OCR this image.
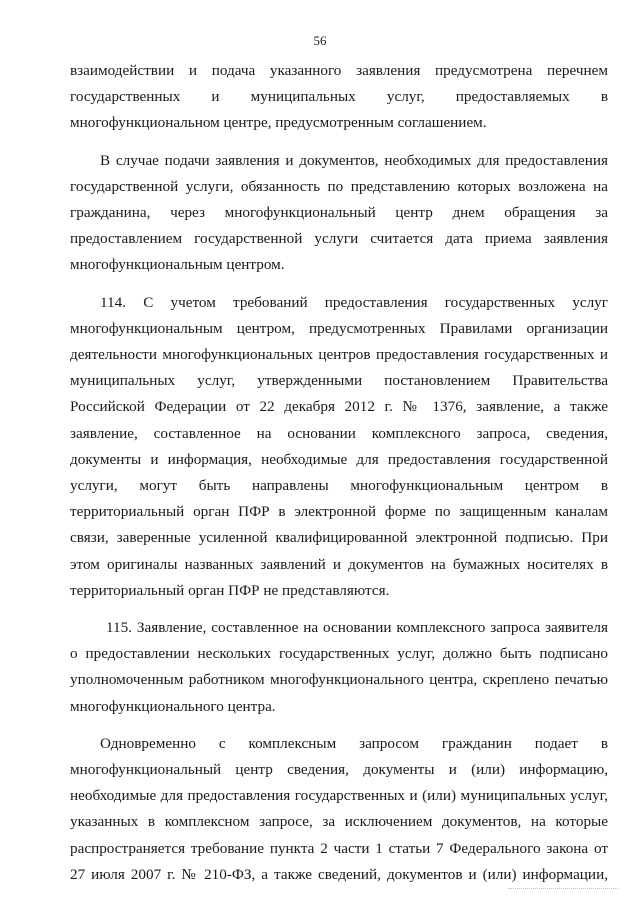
56
взаимодействии и подача указанного заявления предусмотрена перечнем
государственных и муниципальных услуг, предоставляемых в
многофункциональном центре, предусмотренным соглашением.
В случае подачи заявления и документов, необходимых для предоставления
государственной услуги, обязанность по представлению которых возложена на
гражданина, через многофункциональный центр днем обращения за
предоставлением государственной услуги считается дата приема заявления
многофункциональным центром.
114. С учетом требований предоставления государственных услуг
многофункциональным центром, предусмотренных Правилами организации
деятельности многофункциональных центров предоставления государственных и
муниципальных услуг, утвержденными постановлением Правительства
Российской Федерации от 22 декабря 2012 г. № 1376, заявление, а также
заявление, составленное на основании комплексного запроса, сведения,
документы и информация, необходимые для предоставления государственной
услуги, могут быть направлены многофункциональным центром в
территориальный орган ПФР в электронной форме по защищенным каналам
связи, заверенные усиленной квалифицированной электронной подписью. При
этом оригиналы названных заявлений и документов на бумажных носителях в
территориальный орган ПФР не представляются.
115. Заявление, составленное на основании комплексного запроса заявителя
о предоставлении нескольких государственных услуг, должно быть подписано
уполномоченным работником многофункционального центра, скреплено печатью
многофункционального центра.
Одновременно с комплексным запросом гражданин подает в
многофункциональный центр сведения, документы и (или) информацию,
необходимые для предоставления государственных и (или) муниципальных услуг,
указанных в комплексном запросе, за исключением документов, на которые
распространяется требование пункта 2 части 1 статьи 7 Федерального закона от
27 июля 2007 г. № 210-ФЗ, а также сведений, документов и (или) информации,
